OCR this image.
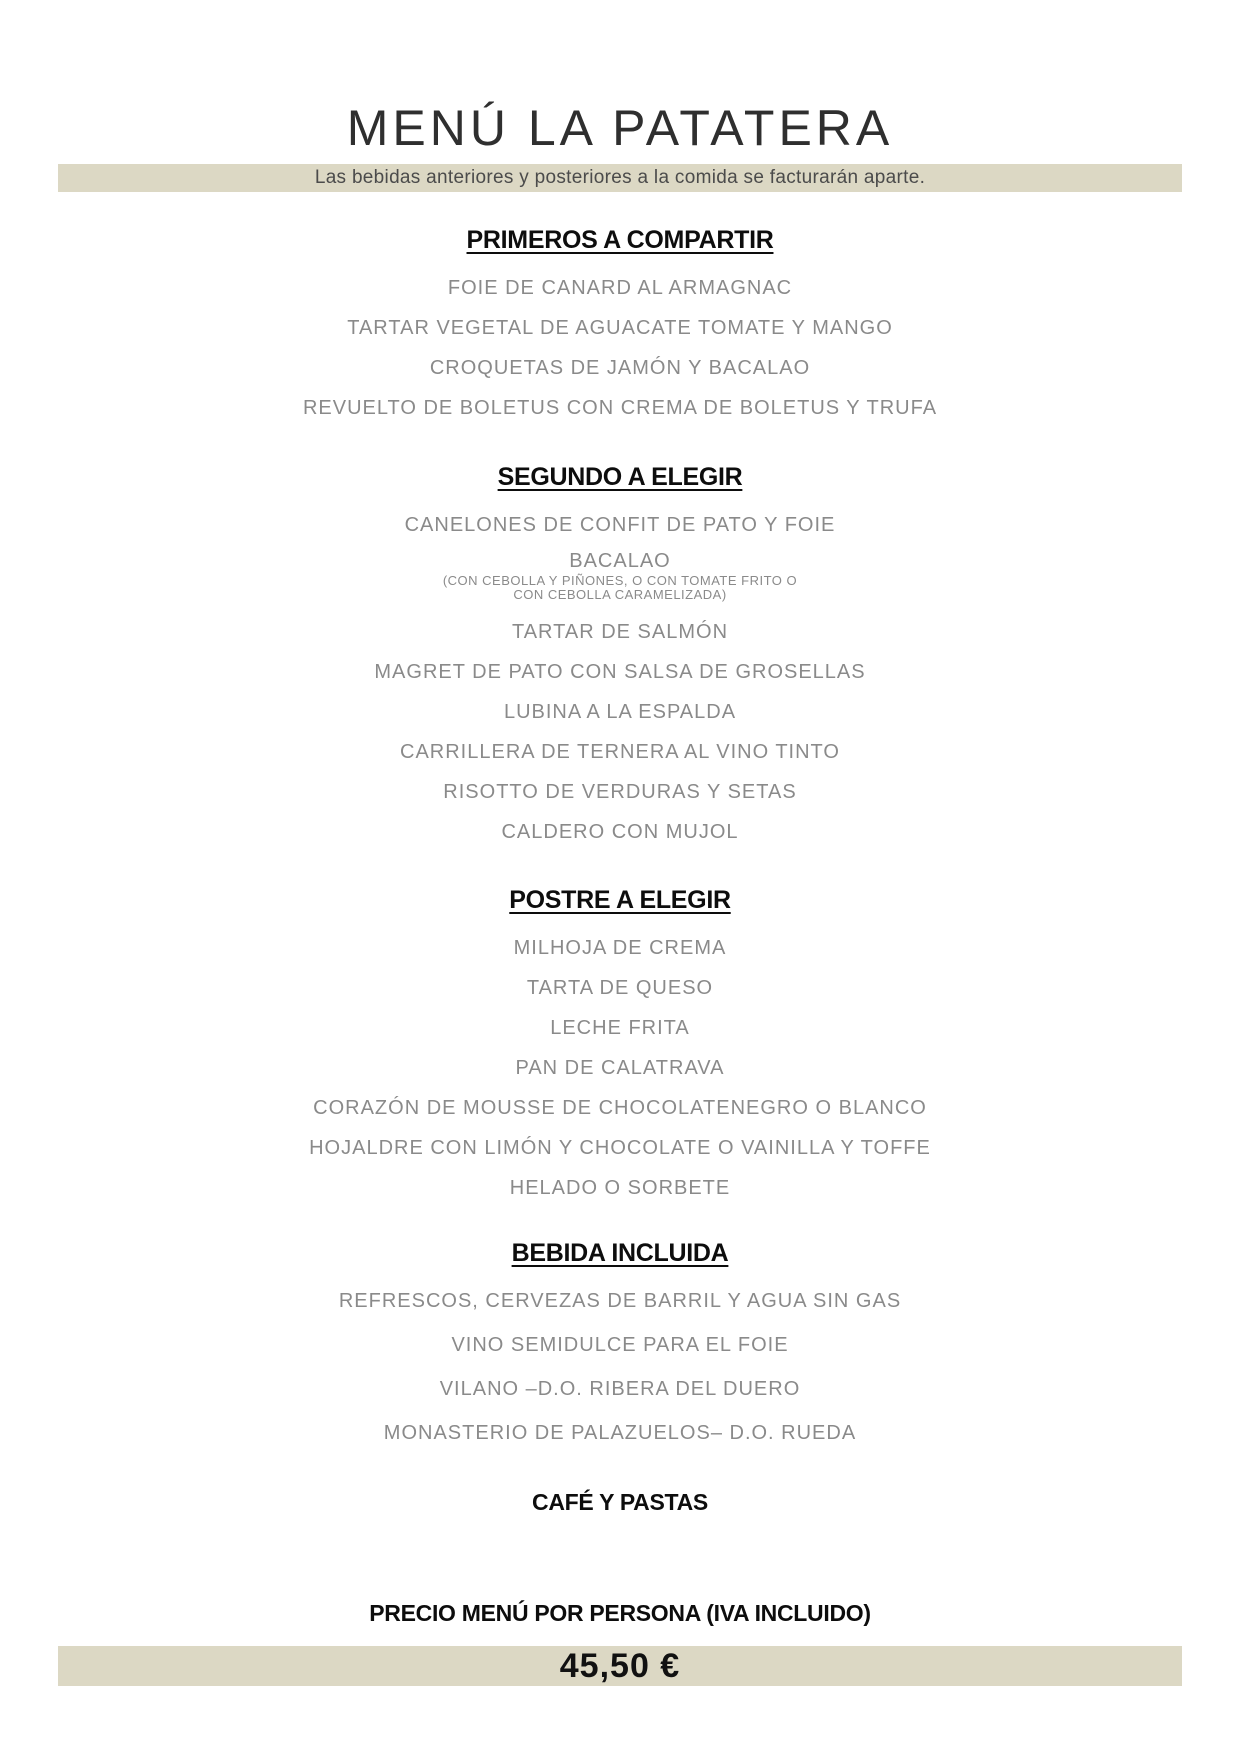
MENÚ LA PATATERA
Las bebidas anteriores y posteriores a la comida se facturarán aparte.
PRIMEROS A COMPARTIR
FOIE DE CANARD AL ARMAGNAC
TARTAR VEGETAL DE AGUACATE TOMATE Y MANGO
CROQUETAS DE JAMÓN Y BACALAO
REVUELTO DE BOLETUS CON CREMA DE BOLETUS Y TRUFA
SEGUNDO A ELEGIR
CANELONES DE CONFIT DE PATO Y FOIE
BACALAO
(CON CEBOLLA Y PIÑONES, O CON TOMATE FRITO O
CON CEBOLLA CARAMELIZADA)
TARTAR DE SALMÓN
MAGRET DE PATO CON SALSA DE GROSELLAS
LUBINA A LA ESPALDA
CARRILLERA DE TERNERA AL VINO TINTO
RISOTTO DE VERDURAS Y SETAS
CALDERO CON MUJOL
POSTRE A ELEGIR
MILHOJA DE CREMA
TARTA DE QUESO
LECHE FRITA
PAN DE CALATRAVA
CORAZÓN DE MOUSSE DE CHOCOLATENEGRO O BLANCO
HOJALDRE CON LIMÓN Y CHOCOLATE O VAINILLA Y TOFFE
HELADO O SORBETE
BEBIDA INCLUIDA
REFRESCOS, CERVEZAS DE BARRIL Y AGUA SIN GAS
VINO SEMIDULCE PARA EL FOIE
VILANO –D.O. RIBERA DEL DUERO
MONASTERIO DE PALAZUELOS– D.O. RUEDA
CAFÉ Y PASTAS
PRECIO MENÚ POR PERSONA (IVA INCLUIDO)
45,50 €
